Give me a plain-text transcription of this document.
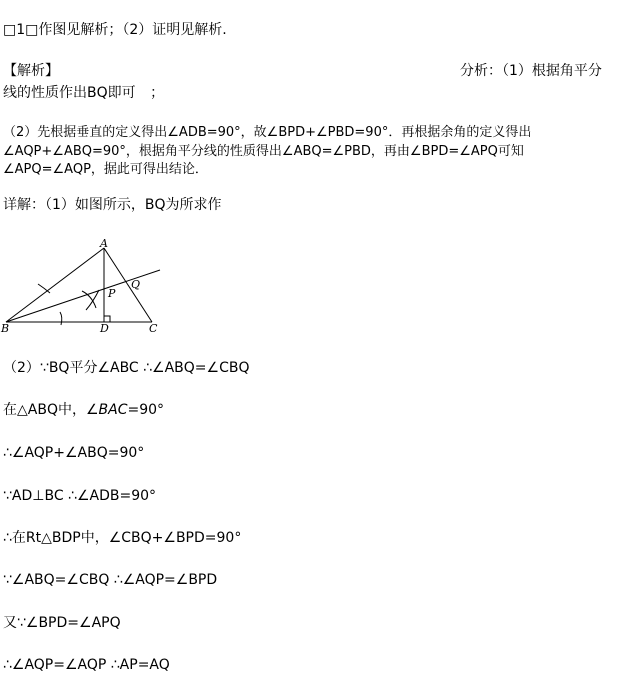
□1□作图见解析；（2）证明见解析.
【解析】	分析：（1）根据角平分
线的性质作出BQ即可 ；
（2）先根据垂直的定义得出∠ADB=90°，故∠BPD+∠PBD=90°．再根据余角的定义得出
∠AQP+∠ABQ=90°，根据角平分线的性质得出∠ABQ=∠PBD，再由∠BPD=∠APQ可知
∠APQ=∠AQP，据此可得出结论．
详解：（1）如图所示，BQ为所求作
A
B	C
D
P
Q
（2）∵BQ平分∠ABC ∴∠ABQ=∠CBQ
在△ABQ中，∠BAC=90°
∴∠AQP+∠ABQ=90°
∵AD⊥BC ∴∠ADB=90°
∴在Rt△BDP中，∠CBQ+∠BPD=90°
∵∠ABQ=∠CBQ ∴∠AQP=∠BPD
又∵∠BPD=∠APQ
∴∠AQP=∠AQP ∴AP=AQ
